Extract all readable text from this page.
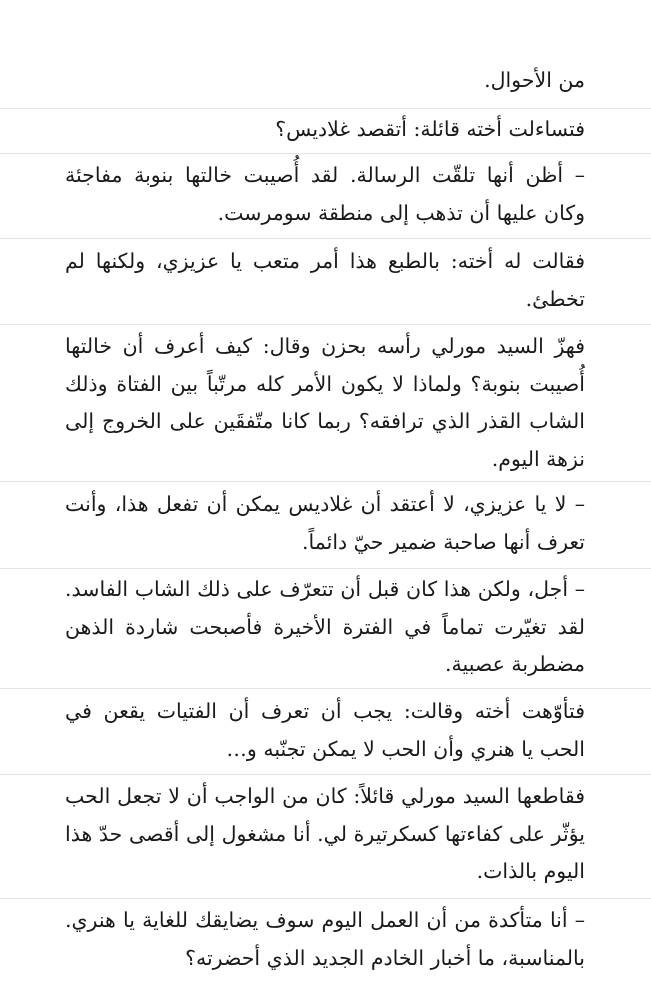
من الأحوال.

فتساءلت أخته قائلة: أتقصد غلاديس؟

– أظن أنها تلقّت الرسالة. لقد أُصيبت خالتها بنوبة مفاجئة وكان عليها أن تذهب إلى منطقة سومرست.

فقالت له أخته: بالطبع هذا أمر متعب يا عزيزي، ولكنها لم تخطئ.

فهزّ السيد مورلي رأسه بحزن وقال: كيف أعرف أن خالتها أُصيبت بنوبة؟ ولماذا لا يكون الأمر كله مرتّباً بين الفتاة وذلك الشاب القذر الذي ترافقه؟ ربما كانا متّفقَين على الخروج إلى نزهة اليوم.

– لا يا عزيزي، لا أعتقد أن غلاديس يمكن أن تفعل هذا، وأنت تعرف أنها صاحبة ضمير حيّ دائماً.

– أجل، ولكن هذا كان قبل أن تتعرّف على ذلك الشاب الفاسد. لقد تغيّرت تماماً في الفترة الأخيرة فأصبحت شاردة الذهن مضطربة عصبية.

فتأوّهت أخته وقالت: يجب أن تعرف أن الفتيات يقعن في الحب يا هنري وأن الحب لا يمكن تجنّبه و…

فقاطعها السيد مورلي قائلاً: كان من الواجب أن لا تجعل الحب يؤثّر على كفاءتها كسكرتيرة لي. أنا مشغول إلى أقصى حدّ هذا اليوم بالذات.

– أنا متأكدة من أن العمل اليوم سوف يضايقك للغاية يا هنري. بالمناسبة، ما أخبار الخادم الجديد الذي أحضرته؟
